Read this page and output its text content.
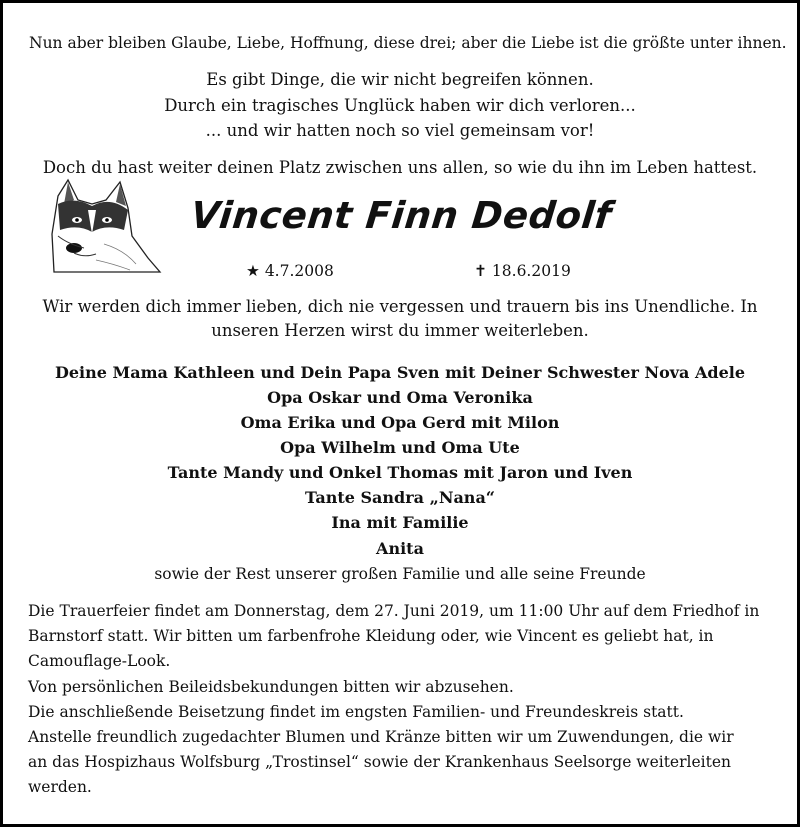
Nun aber bleiben Glaube, Liebe, Hoffnung, diese drei; aber die Liebe ist die größte unter ihnen.
Es gibt Dinge, die wir nicht begreifen können.
Durch ein tragisches Unglück haben wir dich verloren...
... und wir hatten noch so viel gemeinsam vor!
Doch du hast weiter deinen Platz zwischen uns allen, so wie du ihn im Leben hattest.
Vincent Finn Dedolf
★ 4.7.2008	✝ 18.6.2019
Wir werden dich immer lieben, dich nie vergessen und trauern bis ins Unendliche. In
unseren Herzen wirst du immer weiterleben.
Deine Mama Kathleen und Dein Papa Sven mit Deiner Schwester Nova Adele
Opa Oskar und Oma Veronika
Oma Erika und Opa Gerd mit Milon
Opa Wilhelm und Oma Ute
Tante Mandy und Onkel Thomas mit Jaron und Iven
Tante Sandra „Nana“
Ina mit Familie
Anita
sowie der Rest unserer großen Familie und alle seine Freunde
Die Trauerfeier findet am Donnerstag, dem 27. Juni 2019, um 11:00 Uhr auf dem Friedhof in
Barnstorf statt. Wir bitten um farbenfrohe Kleidung oder, wie Vincent es geliebt hat, in
Camouflage-Look.
Von persönlichen Beileidsbekundungen bitten wir abzusehen.
Die anschließende Beisetzung findet im engsten Familien- und Freundeskreis statt.
Anstelle freundlich zugedachter Blumen und Kränze bitten wir um Zuwendungen, die wir
an das Hospizhaus Wolfsburg „Trostinsel“ sowie der Krankenhaus Seelsorge weiterleiten
werden.
